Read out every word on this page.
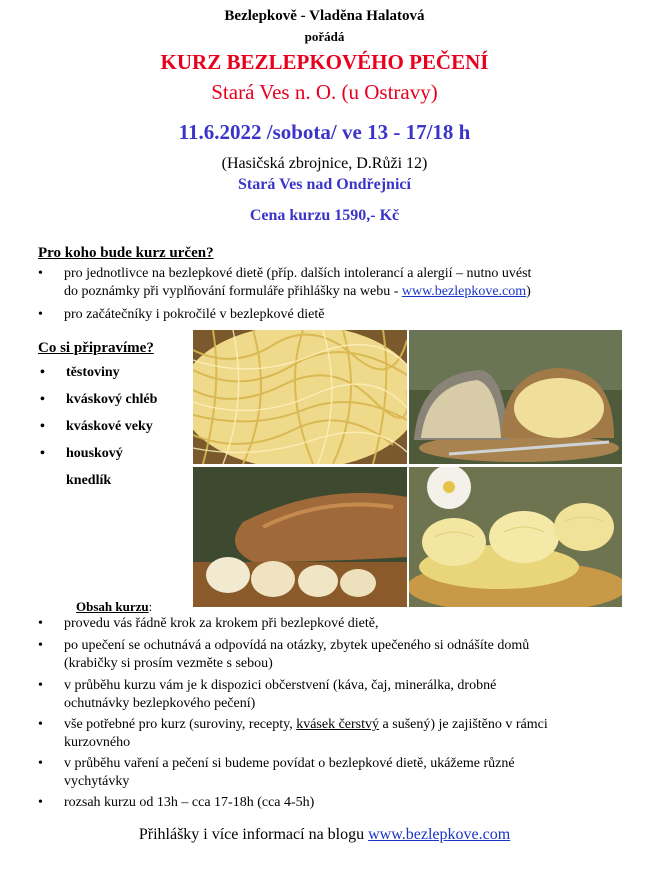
Bezlepkově - Vladěna Halatová
pořádá
KURZ BEZLEPKOVÉHO PEČENÍ
Stará Ves n. O. (u Ostravy)
11.6.2022 /sobota/ ve 13 - 17/18 h
(Hasičská zbrojnice, D.Růži 12)
Stará Ves nad Ondřejnicí
Cena kurzu 1590,- Kč
Pro koho bude kurz určen?
• pro jednotlivce na bezlepkové dietě (příp. dalších intolerancí a alergií – nutno uvést
do poznámky při vyplňování formuláře přihlášky na webu - www.bezlepkove.com)
• pro začátečníky i pokročilé v bezlepkové dietě
Co si připravíme?
• těstoviny
• kváskový chléb
• kváskové veky
• houskový
knedlík
Obsah kurzu:
• provedu vás řádně krok za krokem při bezlepkové dietě,
• po upečení se ochutnává a odpovídá na otázky, zbytek upečeného si odnášíte domů
(krabičky si prosím vezměte s sebou)
• v průběhu kurzu vám je k dispozici občerstvení (káva, čaj, minerálka, drobné
ochutnávky bezlepkového pečení)
• vše potřebné pro kurz (suroviny, recepty, kvásek čerstvý a sušený) je zajištěno v rámci
kurzovného
• v průběhu vaření a pečení si budeme povídat o bezlepkové dietě, ukážeme různé
vychytávky
• rozsah kurzu od 13h – cca 17-18h (cca 4-5h)
Přihlášky i více informací na blogu www.bezlepkove.com
